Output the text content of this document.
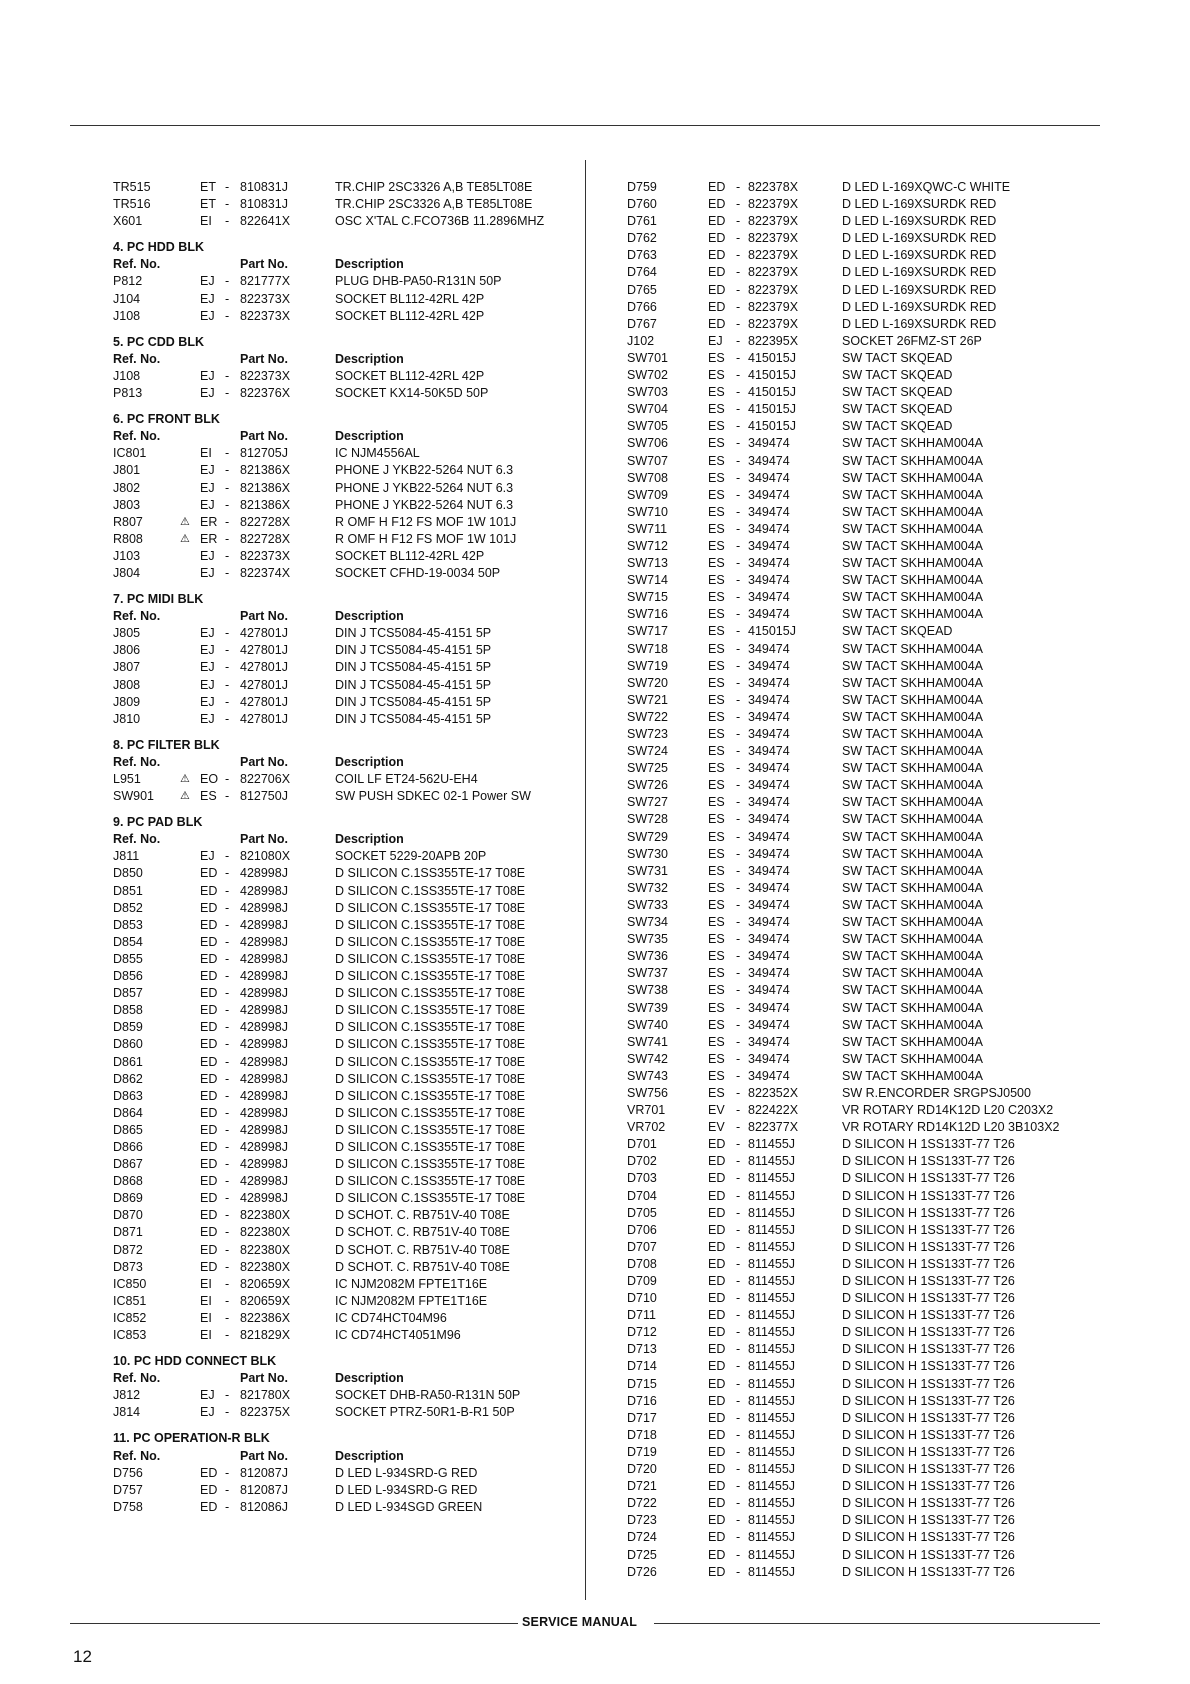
TR515	ET - 810831J	TR.CHIP 2SC3326 A,B TE85LT08E
TR516	ET - 810831J	TR.CHIP 2SC3326 A,B TE85LT08E
X601	EI - 822641X	OSC X'TAL C.FCO736B 11.2896MHZ
4. PC HDD BLK
Ref. No.	Part No.	Description
P812	EJ - 821777X	PLUG DHB-PA50-R131N 50P
J104	EJ - 822373X	SOCKET BL112-42RL 42P
J108	EJ - 822373X	SOCKET BL112-42RL 42P
5. PC CDD BLK
Ref. No.	Part No.	Description
J108	EJ - 822373X	SOCKET BL112-42RL 42P
P813	EJ - 822376X	SOCKET KX14-50K5D 50P
6. PC FRONT BLK
Ref. No.	Part No.	Description
IC801	EI - 812705J	IC NJM4556AL
J801	EJ - 821386X	PHONE J YKB22-5264 NUT 6.3
J802	EJ - 821386X	PHONE J YKB22-5264 NUT 6.3
J803	EJ - 821386X	PHONE J YKB22-5264 NUT 6.3
R807	⚠ ER - 822728X	R OMF H F12 FS MOF 1W 101J
R808	⚠ ER - 822728X	R OMF H F12 FS MOF 1W 101J
J103	EJ - 822373X	SOCKET BL112-42RL 42P
J804	EJ - 822374X	SOCKET CFHD-19-0034 50P
7. PC MIDI BLK
Ref. No.	Part No.	Description
J805	EJ - 427801J	DIN J TCS5084-45-4151 5P
J806	EJ - 427801J	DIN J TCS5084-45-4151 5P
J807	EJ - 427801J	DIN J TCS5084-45-4151 5P
J808	EJ - 427801J	DIN J TCS5084-45-4151 5P
J809	EJ - 427801J	DIN J TCS5084-45-4151 5P
J810	EJ - 427801J	DIN J TCS5084-45-4151 5P
8. PC FILTER BLK
Ref. No.	Part No.	Description
L951	⚠ EO - 822706X	COIL LF ET24-562U-EH4
SW901 ⚠ ES - 812750J	SW PUSH SDKEC 02-1 Power SW
9. PC PAD BLK
Ref. No.	Part No.	Description
J811	EJ - 821080X	SOCKET 5229-20APB 20P
D850	ED - 428998J	D SILICON C.1SS355TE-17 T08E
D851	ED - 428998J	D SILICON C.1SS355TE-17 T08E
D852	ED - 428998J	D SILICON C.1SS355TE-17 T08E
D853	ED - 428998J	D SILICON C.1SS355TE-17 T08E
D854	ED - 428998J	D SILICON C.1SS355TE-17 T08E
D855	ED - 428998J	D SILICON C.1SS355TE-17 T08E
D856	ED - 428998J	D SILICON C.1SS355TE-17 T08E
D857	ED - 428998J	D SILICON C.1SS355TE-17 T08E
D858	ED - 428998J	D SILICON C.1SS355TE-17 T08E
D859	ED - 428998J	D SILICON C.1SS355TE-17 T08E
D860	ED - 428998J	D SILICON C.1SS355TE-17 T08E
D861	ED - 428998J	D SILICON C.1SS355TE-17 T08E
D862	ED - 428998J	D SILICON C.1SS355TE-17 T08E
D863	ED - 428998J	D SILICON C.1SS355TE-17 T08E
D864	ED - 428998J	D SILICON C.1SS355TE-17 T08E
D865	ED - 428998J	D SILICON C.1SS355TE-17 T08E
D866	ED - 428998J	D SILICON C.1SS355TE-17 T08E
D867	ED - 428998J	D SILICON C.1SS355TE-17 T08E
D868	ED - 428998J	D SILICON C.1SS355TE-17 T08E
D869	ED - 428998J	D SILICON C.1SS355TE-17 T08E
D870	ED - 822380X	D SCHOT. C. RB751V-40 T08E
D871	ED - 822380X	D SCHOT. C. RB751V-40 T08E
D872	ED - 822380X	D SCHOT. C. RB751V-40 T08E
D873	ED - 822380X	D SCHOT. C. RB751V-40 T08E
IC850	EI - 820659X	IC NJM2082M FPTE1T16E
IC851	EI - 820659X	IC NJM2082M FPTE1T16E
IC852	EI - 822386X	IC CD74HCT04M96
IC853	EI - 821829X	IC CD74HCT4051M96
10. PC HDD CONNECT BLK
Ref. No.	Part No.	Description
J812	EJ - 821780X	SOCKET DHB-RA50-R131N 50P
J814	EJ - 822375X	SOCKET PTRZ-50R1-B-R1 50P
11. PC OPERATION-R BLK
Ref. No.	Part No.	Description
D756	ED - 812087J	D LED L-934SRD-G RED
D757	ED - 812087J	D LED L-934SRD-G RED
D758	ED - 812086J	D LED L-934SGD GREEN
D759	ED - 822378X	D LED L-169XQWC-C WHITE
D760	ED - 822379X	D LED L-169XSURDK RED
D761	ED - 822379X	D LED L-169XSURDK RED
D762	ED - 822379X	D LED L-169XSURDK RED
D763	ED - 822379X	D LED L-169XSURDK RED
D764	ED - 822379X	D LED L-169XSURDK RED
D765	ED - 822379X	D LED L-169XSURDK RED
D766	ED - 822379X	D LED L-169XSURDK RED
D767	ED - 822379X	D LED L-169XSURDK RED
J102	EJ - 822395X	SOCKET 26FMZ-ST 26P
SW701	ES - 415015J	SW TACT SKQEAD
SW702	ES - 415015J	SW TACT SKQEAD
SW703	ES - 415015J	SW TACT SKQEAD
SW704	ES - 415015J	SW TACT SKQEAD
SW705	ES - 415015J	SW TACT SKQEAD
SW706	ES - 349474	SW TACT SKHHAM004A
SW707	ES - 349474	SW TACT SKHHAM004A
SW708	ES - 349474	SW TACT SKHHAM004A
SW709	ES - 349474	SW TACT SKHHAM004A
SW710	ES - 349474	SW TACT SKHHAM004A
SW711	ES - 349474	SW TACT SKHHAM004A
SW712	ES - 349474	SW TACT SKHHAM004A
SW713	ES - 349474	SW TACT SKHHAM004A
SW714	ES - 349474	SW TACT SKHHAM004A
SW715	ES - 349474	SW TACT SKHHAM004A
SW716	ES - 349474	SW TACT SKHHAM004A
SW717	ES - 415015J	SW TACT SKQEAD
SW718	ES - 349474	SW TACT SKHHAM004A
SW719	ES - 349474	SW TACT SKHHAM004A
SW720	ES - 349474	SW TACT SKHHAM004A
SW721	ES - 349474	SW TACT SKHHAM004A
SW722	ES - 349474	SW TACT SKHHAM004A
SW723	ES - 349474	SW TACT SKHHAM004A
SW724	ES - 349474	SW TACT SKHHAM004A
SW725	ES - 349474	SW TACT SKHHAM004A
SW726	ES - 349474	SW TACT SKHHAM004A
SW727	ES - 349474	SW TACT SKHHAM004A
SW728	ES - 349474	SW TACT SKHHAM004A
SW729	ES - 349474	SW TACT SKHHAM004A
SW730	ES - 349474	SW TACT SKHHAM004A
SW731	ES - 349474	SW TACT SKHHAM004A
SW732	ES - 349474	SW TACT SKHHAM004A
SW733	ES - 349474	SW TACT SKHHAM004A
SW734	ES - 349474	SW TACT SKHHAM004A
SW735	ES - 349474	SW TACT SKHHAM004A
SW736	ES - 349474	SW TACT SKHHAM004A
SW737	ES - 349474	SW TACT SKHHAM004A
SW738	ES - 349474	SW TACT SKHHAM004A
SW739	ES - 349474	SW TACT SKHHAM004A
SW740	ES - 349474	SW TACT SKHHAM004A
SW741	ES - 349474	SW TACT SKHHAM004A
SW742	ES - 349474	SW TACT SKHHAM004A
SW743	ES - 349474	SW TACT SKHHAM004A
SW756	ES - 822352X	SW R.ENCORDER SRGPSJ0500
VR701	EV - 822422X	VR ROTARY RD14K12D L20 C203X2
VR702	EV - 822377X	VR ROTARY RD14K12D L20 3B103X2
D701	ED - 811455J	D SILICON H 1SS133T-77 T26
D702	ED - 811455J	D SILICON H 1SS133T-77 T26
D703	ED - 811455J	D SILICON H 1SS133T-77 T26
D704	ED - 811455J	D SILICON H 1SS133T-77 T26
D705	ED - 811455J	D SILICON H 1SS133T-77 T26
D706	ED - 811455J	D SILICON H 1SS133T-77 T26
D707	ED - 811455J	D SILICON H 1SS133T-77 T26
D708	ED - 811455J	D SILICON H 1SS133T-77 T26
D709	ED - 811455J	D SILICON H 1SS133T-77 T26
D710	ED - 811455J	D SILICON H 1SS133T-77 T26
D711	ED - 811455J	D SILICON H 1SS133T-77 T26
D712	ED - 811455J	D SILICON H 1SS133T-77 T26
D713	ED - 811455J	D SILICON H 1SS133T-77 T26
D714	ED - 811455J	D SILICON H 1SS133T-77 T26
D715	ED - 811455J	D SILICON H 1SS133T-77 T26
D716	ED - 811455J	D SILICON H 1SS133T-77 T26
D717	ED - 811455J	D SILICON H 1SS133T-77 T26
D718	ED - 811455J	D SILICON H 1SS133T-77 T26
D719	ED - 811455J	D SILICON H 1SS133T-77 T26
D720	ED - 811455J	D SILICON H 1SS133T-77 T26
D721	ED - 811455J	D SILICON H 1SS133T-77 T26
D722	ED - 811455J	D SILICON H 1SS133T-77 T26
D723	ED - 811455J	D SILICON H 1SS133T-77 T26
D724	ED - 811455J	D SILICON H 1SS133T-77 T26
D725	ED - 811455J	D SILICON H 1SS133T-77 T26
D726	ED - 811455J	D SILICON H 1SS133T-77 T26
SERVICE MANUAL
12
